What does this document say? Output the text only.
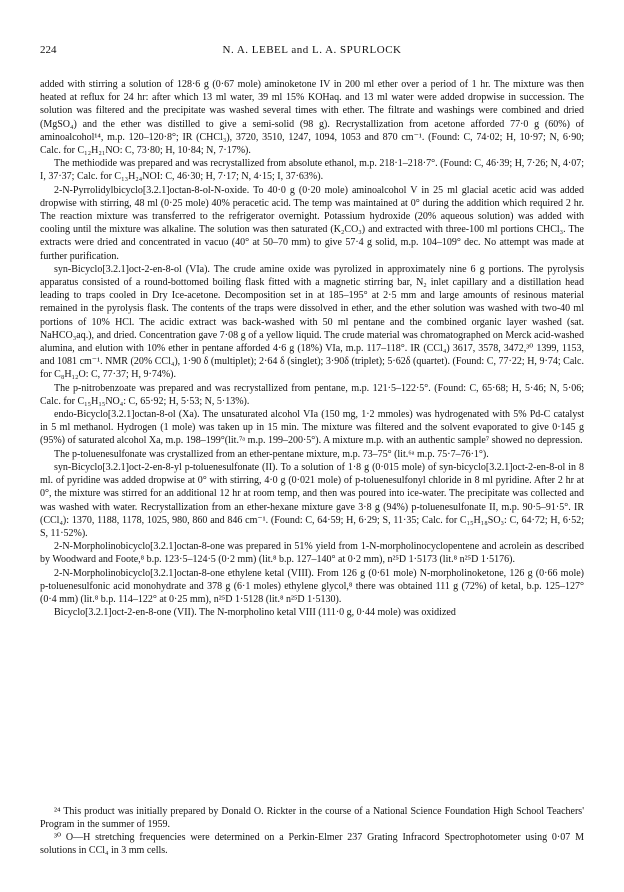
224	N. A. LEBEL and L. A. SPURLOCK

added with stirring a solution of 128·6 g (0·67 mole) aminoketone IV in 200 ml ether over a period of 1 hr. The mixture was then heated at reflux for 24 hr: after which 13 ml water, 39 ml 15% KOHaq. and 13 ml water were added dropwise in succession. The solution was filtered and the precipitate was washed several times with ether. The filtrate and washings were combined and dried (MgSO₄) and the ether was distilled to give a semi-solid (98 g). Recrystallization from acetone afforded 77·0 g (60%) of aminoalcohol¹⁴, m.p. 120–120·8°; IR (CHCl₃), 3720, 3510, 1247, 1094, 1053 and 870 cm⁻¹. (Found: C, 74·02; H, 10·97; N, 6·90; Calc. for C₁₂H₂₁NO: C, 73·80; H, 10·84; N, 7·17%).

The methiodide was prepared and was recrystallized from absolute ethanol, m.p. 218·1–218·7°. (Found: C, 46·39; H, 7·26; N, 4·07; I, 37·37; Calc. for C₁₃H₂₄NOI: C, 46·30; H, 7·17; N, 4·15; I, 37·63%).

2-N-Pyrrolidylbicyclo[3.2.1]octan-8-ol-N-oxide. To 40·0 g (0·20 mole) aminoalcohol V in 25 ml glacial acetic acid was added dropwise with stirring, 48 ml (0·25 mole) 40% peracetic acid. The temp was maintained at 0° during the addition which required 2 hr. The reaction mixture was transferred to the refrigerator overnight. Potassium hydroxide (20% aqueous solution) was added with cooling until the mixture was alkaline. The solution was then saturated (K₂CO₃) and extracted with three-100 ml portions CHCl₃. The extracts were dried and concentrated in vacuo (40° at 50–70 mm) to give 57·4 g solid, m.p. 104–109° dec. No attempt was made at further purification.

syn-Bicyclo[3.2.1]oct-2-en-8-ol (VIa). The crude amine oxide was pyrolized in approximately nine 6 g portions. The pyrolysis apparatus consisted of a round-bottomed boiling flask fitted with a magnetic stirring bar, N₂ inlet capillary and a distillation head leading to traps cooled in Dry Ice-acetone. Decomposition set in at 185–195° at 2·5 mm and large amounts of resinous material remained in the pyrolysis flask. The contents of the traps were dissolved in ether, and the ether solution was washed with two-40 ml portions of 10% HCl. The acidic extract was back-washed with 50 ml pentane and the combined organic layer washed (sat. NaHCO₃aq.), and dried. Concentration gave 7·08 g of a yellow liquid. The crude material was chromatographed on Merck acid-washed alumina, and elution with 10% ether in pentane afforded 4·6 g (18%) VIa, m.p. 117–118°. IR (CCl₄) 3617, 3578, 3472,³⁰ 1399, 1153, and 1081 cm⁻¹. NMR (20% CCl₄), 1·90 δ (multiplet); 2·64 δ (singlet); 3·90δ (triplet); 5·62δ (quartet). (Found: C, 77·22; H, 9·74; Calc. for C₈H₁₂O: C, 77·37; H, 9·74%).

The p-nitrobenzoate was prepared and was recrystallized from pentane, m.p. 121·5–122·5°. (Found: C, 65·68; H, 5·46; N, 5·06; Calc. for C₁₅H₁₅NO₄: C, 65·92; H, 5·53; N, 5·13%).

endo-Bicyclo[3.2.1]octan-8-ol (Xa). The unsaturated alcohol VIa (150 mg, 1·2 mmoles) was hydrogenated with 5% Pd-C catalyst in 5 ml methanol. Hydrogen (1 mole) was taken up in 15 min. The mixture was filtered and the solvent evaporated to give 0·145 g (95%) of saturated alcohol Xa, m.p. 198–199°(lit.⁷ᵃ m.p. 199–200·5°). A mixture m.p. with an authentic sample⁷ showed no depression.

The p-toluenesulfonate was crystallized from an ether-pentane mixture, m.p. 73–75° (lit.⁶ᵃ m.p. 75·7–76·1°).

syn-Bicyclo[3.2.1]oct-2-en-8-yl p-toluenesulfonate (II). To a solution of 1·8 g (0·015 mole) of syn-bicyclo[3.2.1]oct-2-en-8-ol in 8 ml. of pyridine was added dropwise at 0° with stirring, 4·0 g (0·021 mole) of p-toluenesulfonyl chloride in 8 ml pyridine. After 2 hr at 0°, the mixture was stirred for an additional 12 hr at room temp, and then was poured into ice-water. The precipitate was collected and was washed with water. Recrystallization from an ether-hexane mixture gave 3·8 g (94%) p-toluenesulfonate II, m.p. 90·5–91·5°. IR (CCl₄): 1370, 1188, 1178, 1025, 980, 860 and 846 cm⁻¹. (Found: C, 64·59; H, 6·29; S, 11·35; Calc. for C₁₅H₁₈SO₃: C, 64·72; H, 6·52; S, 11·52%).

2-N-Morpholinobicyclo[3.2.1]octan-8-one was prepared in 51% yield from 1-N-morpholinocyclopentene and acrolein as described by Woodward and Foote,⁸ b.p. 123·5–124·5 (0·2 mm) (lit.⁸ b.p. 127–140° at 0·2 mm), n²⁵D 1·5173 (lit.⁸ n²⁵D 1·5176).

2-N-Morpholinobicyclo[3.2.1]octan-8-one ethylene ketal (VIII). From 126 g (0·61 mole) N-morpholinoketone, 126 g (0·66 mole) p-toluenesulfonic acid monohydrate and 378 g (6·1 moles) ethylene glycol,⁸ there was obtained 111 g (72%) of ketal, b.p. 125–127° (0·4 mm) (lit.⁸ b.p. 114–122° at 0·25 mm), n²⁵D 1·5128 (lit.⁸ n²⁵D 1·5130).

Bicyclo[3.2.1]oct-2-en-8-one (VII). The N-morpholino ketal VIII (111·0 g, 0·44 mole) was oxidized

²⁴ This product was initially prepared by Donald O. Rickter in the course of a National Science Foundation High School Teachers' Program in the summer of 1959.

³⁰ O—H stretching frequencies were determined on a Perkin-Elmer 237 Grating Infracord Spectrophotometer using 0·07 M solutions in CCl₄ in 3 mm cells.
